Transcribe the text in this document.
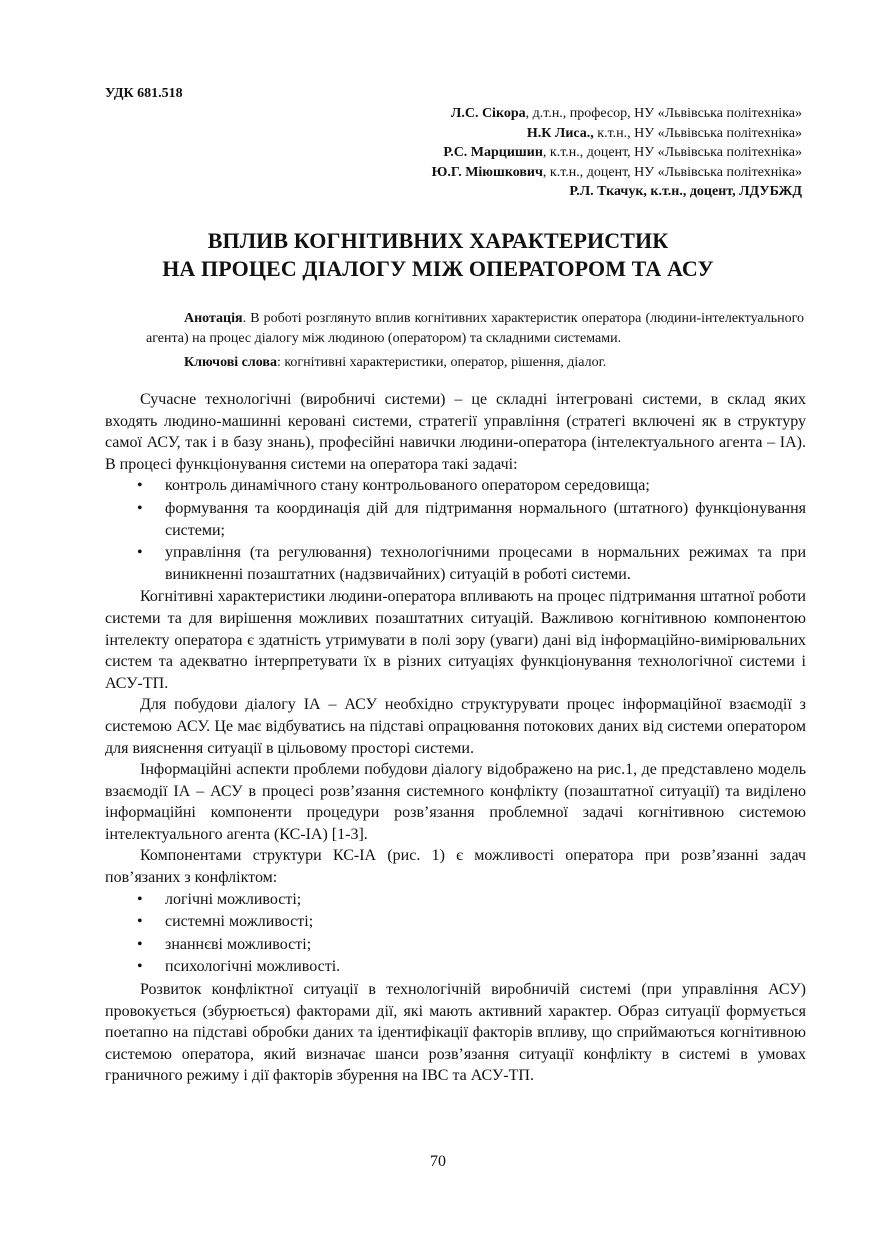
УДК 681.518
Л.С. Сікора, д.т.н., професор, НУ «Львівська політехніка»
Н.К Лиса., к.т.н., НУ «Львівська політехніка»
Р.С. Марцишин, к.т.н., доцент, НУ «Львівська політехніка»
Ю.Г. Міюшкович, к.т.н., доцент, НУ «Львівська політехніка»
Р.Л. Ткачук, к.т.н., доцент, ЛДУБЖД
ВПЛИВ КОГНІТИВНИХ ХАРАКТЕРИСТИК
НА ПРОЦЕС ДІАЛОГУ МІЖ ОПЕРАТОРОМ ТА АСУ

Анотація. В роботі розглянуто вплив когнітивних характеристик оператора (людини-інтелектуального агента) на процес діалогу між людиною (оператором) та складними системами.

Ключові слова: когнітивні характеристики, оператор, рішення, діалог.

Сучасне технологічні (виробничі системи) – це складні інтегровані системи, в склад яких входять людино-машинні керовані системи, стратегії управління (стратегі включені як в структуру самої АСУ, так і в базу знань), професійні навички людини-оператора (інтелектуального агента – ІА). В процесі функціонування системи на оператора такі задачі:

• контроль динамічного стану контрольованого оператором середовища;
• формування та координація дій для підтримання нормального (штатного) функціонування системи;
• управління (та регулювання) технологічними процесами в нормальних режимах та при виникненні позаштатних (надзвичайних) ситуацій в роботі системи.

Когнітивні характеристики людини-оператора впливають на процес підтримання штатної роботи системи та для вирішення можливих позаштатних ситуацій. Важливою когнітивною компонентою інтелекту оператора є здатність утримувати в полі зору (уваги) дані від інформаційно-вимірювальних систем та адекватно інтерпретувати їх в різних ситуаціях функціонування технологічної системи і АСУ-ТП.

Для побудови діалогу ІА – АСУ необхідно структурувати процес інформаційної взаємодії з системою АСУ. Це має відбуватись на підставі опрацювання потокових даних від системи оператором для вияснення ситуації в цільовому просторі системи.

Інформаційні аспекти проблеми побудови діалогу відображено на рис.1, де представлено модель взаємодії ІА – АСУ в процесі розв’язання системного конфлікту (позаштатної ситуації) та виділено інформаційні компоненти процедури розв’язання проблемної задачі когнітивною системою інтелектуального агента (КС-ІА) [1-3].

Компонентами структури КС-ІА (рис. 1) є можливості оператора при розв’язанні задач пов’язаних з конфліктом:

• логічні можливості;
• системні можливості;
• знаннєві можливості;
• психологічні можливості.

Розвиток конфліктної ситуації в технологічній виробничій системі (при управління АСУ) провокується (збурюється) факторами дії, які мають активний характер. Образ ситуації формується поетапно на підставі обробки даних та ідентифікації факторів впливу, що сприймаються когнітивною системою оператора, який визначає шанси розв’язання ситуації конфлікту в системі в умовах граничного режиму і дії факторів збурення на ІВС та АСУ-ТП.

70
